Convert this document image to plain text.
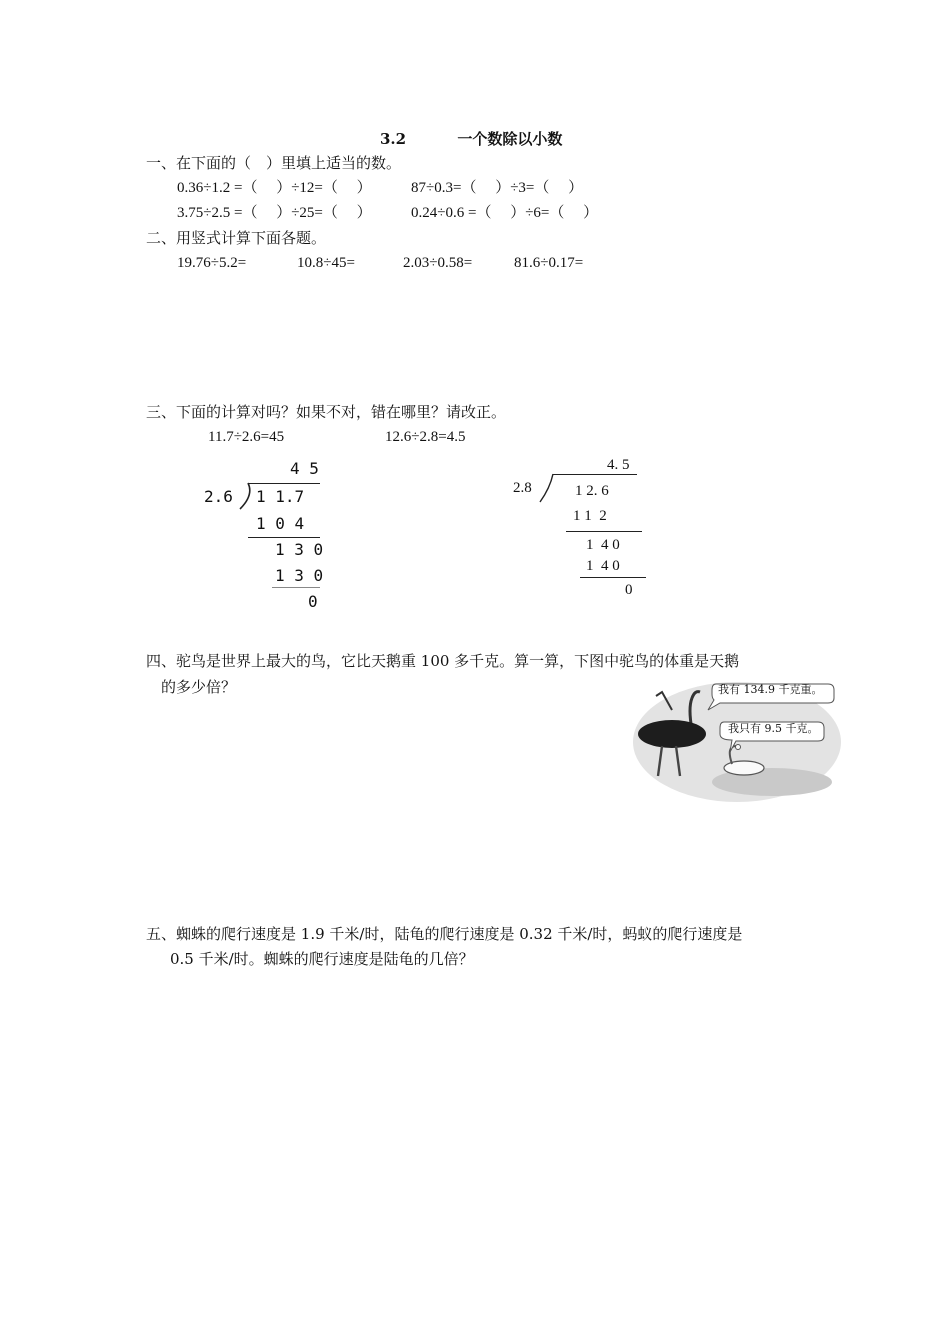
3.2	一个数除以小数
一、在下面的（　）里填上适当的数。
0.36÷1.2 =（　 ）÷12=（　 ）	87÷0.3=（　 ）÷3=（　 ）
3.75÷2.5 =（　 ）÷25=（　 ）	0.24÷0.6 =（　 ）÷6=（　 ）
二、用竖式计算下面各题。
19.76÷5.2=	10.8÷45=	2.03÷0.58=	81.6÷0.17=
三、下面的计算对吗？如果不对，错在哪里？请改正。
11.7÷2.6=45	12.6÷2.8=4.5
4 5
2.6 1 1.7
1 0 4
1 3 0
1 3 0
0
4. 5
2.8	1 2. 6
1 1  2
1  4 0
1  4 0
0
四、驼鸟是世界上最大的鸟，它比天鹅重 100 多千克。算一算，下图中驼鸟的体重是天鹅
的多少倍？	我有 134.9 千克重。
我只有 9.5 千克。
五、蜘蛛的爬行速度是 1.9 千米/时，陆龟的爬行速度是 0.32 千米/时，蚂蚁的爬行速度是
0.5 千米/时。蜘蛛的爬行速度是陆龟的几倍？
